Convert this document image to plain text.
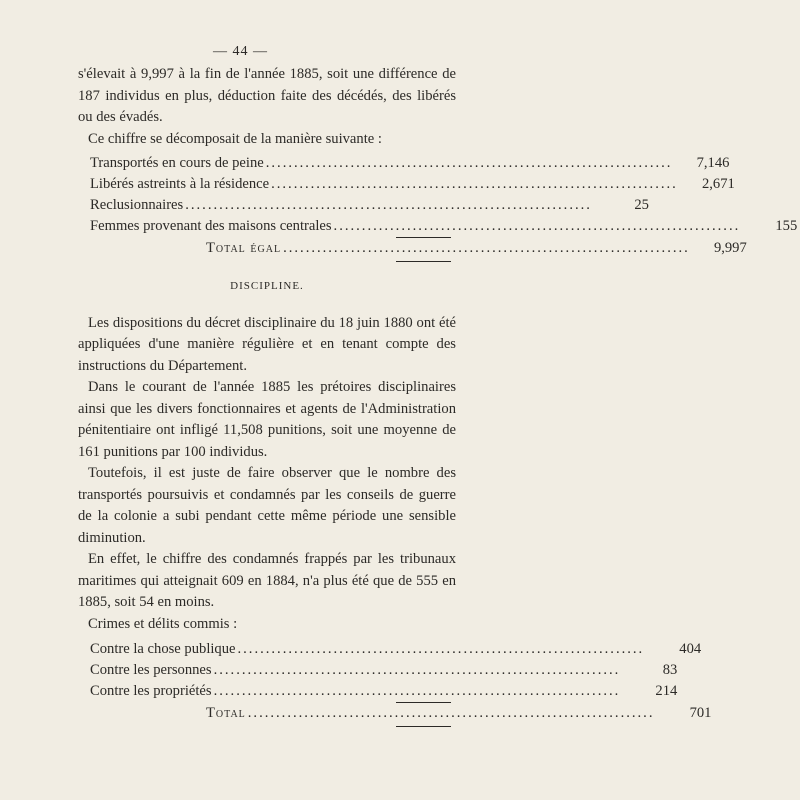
— 44 —

s'élevait à 9,997 à la fin de l'année 1885, soit une différence de 187 individus en plus, déduction faite des décédés, des libérés ou des évadés.

Ce chiffre se décomposait de la manière suivante :

Transportés en cours de peine ........................................................................	7,146
Libérés astreints à la résidence ........................................................................	2,671
Reclusionnaires ........................................................................	25
Femmes provenant des maisons centrales ........................................................................	155
Total égal ........................................................................	9,997
DISCIPLINE.

Les dispositions du décret disciplinaire du 18 juin 1880 ont été appliquées d'une manière régulière et en tenant compte des instructions du Département.

Dans le courant de l'année 1885 les prétoires disciplinaires ainsi que les divers fonctionnaires et agents de l'Administration pénitentiaire ont infligé 11,508 punitions, soit une moyenne de 161 punitions par 100 individus.

Toutefois, il est juste de faire observer que le nombre des transportés poursuivis et condamnés par les conseils de guerre de la colonie a subi pendant cette même période une sensible diminution.

En effet, le chiffre des condamnés frappés par les tribunaux maritimes qui atteignait 609 en 1884, n'a plus été que de 555 en 1885, soit 54 en moins.

Crimes et délits commis :

Contre la chose publique ........................................................................	404
Contre les personnes ........................................................................	83
Contre les propriétés ........................................................................	214
Total ........................................................................	701
